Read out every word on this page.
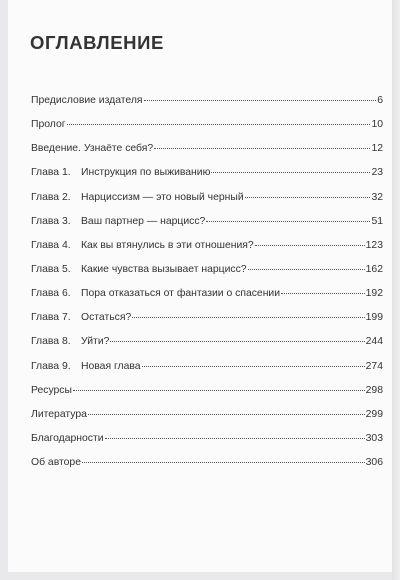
ОГЛАВЛЕНИЕ
Предисловие издателя	6
Пролог	10
Введение. Узнаёте себя?	12
Глава 1. Инструкция по выживанию	23
Глава 2. Нарциссизм — это новый черный	32
Глава 3. Ваш партнер — нарцисс?	51
Глава 4. Как вы втянулись в эти отношения?	123
Глава 5. Какие чувства вызывает нарцисс?	162
Глава 6. Пора отказаться от фантазии о спасении	192
Глава 7. Остаться?	199
Глава 8. Уйти?	244
Глава 9. Новая глава	274
Ресурсы	298
Литература	299
Благодарности	303
Об авторе	306
